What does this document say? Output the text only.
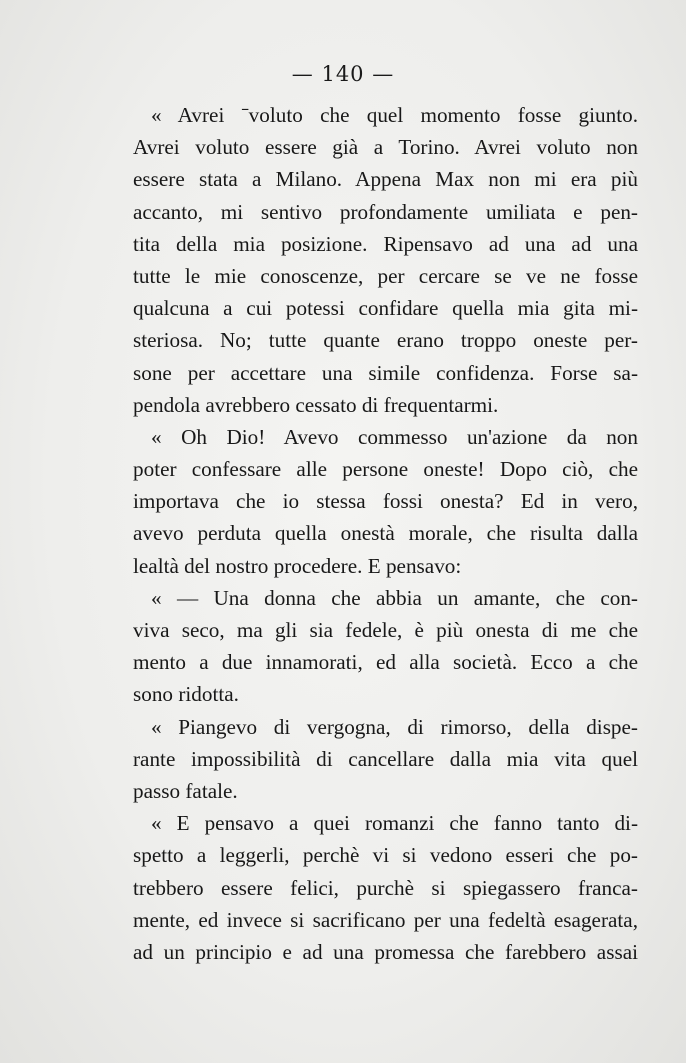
— 140 —
« Avrei ˉvoluto che quel momento fosse giunto.
Avrei voluto essere già a Torino. Avrei voluto non
essere stata a Milano. Appena Max non mi era più
accanto, mi sentivo profondamente umiliata e pen-
tita della mia posizione. Ripensavo ad una ad una
tutte le mie conoscenze, per cercare se ve ne fosse
qualcuna a cui potessi confidare quella mia gita mi-
steriosa. No; tutte quante erano troppo oneste per-
sone per accettare una simile confidenza. Forse sa-
pendola avrebbero cessato di frequentarmi.
« Oh Dio! Avevo commesso un'azione da non
poter confessare alle persone oneste! Dopo ciò, che
importava che io stessa fossi onesta? Ed in vero,
avevo perduta quella onestà morale, che risulta dalla
lealtà del nostro procedere. E pensavo:
« — Una donna che abbia un amante, che con-
viva seco, ma gli sia fedele, è più onesta di me che
mento a due innamorati, ed alla società. Ecco a che
sono ridotta.
« Piangevo di vergogna, di rimorso, della dispe-
rante impossibilità di cancellare dalla mia vita quel
passo fatale.
« E pensavo a quei romanzi che fanno tanto di-
spetto a leggerli, perchè vi si vedono esseri che po-
trebbero essere felici, purchè si spiegassero franca-
mente, ed invece si sacrificano per una fedeltà esagerata,
ad un principio e ad una promessa che farebbero assai
